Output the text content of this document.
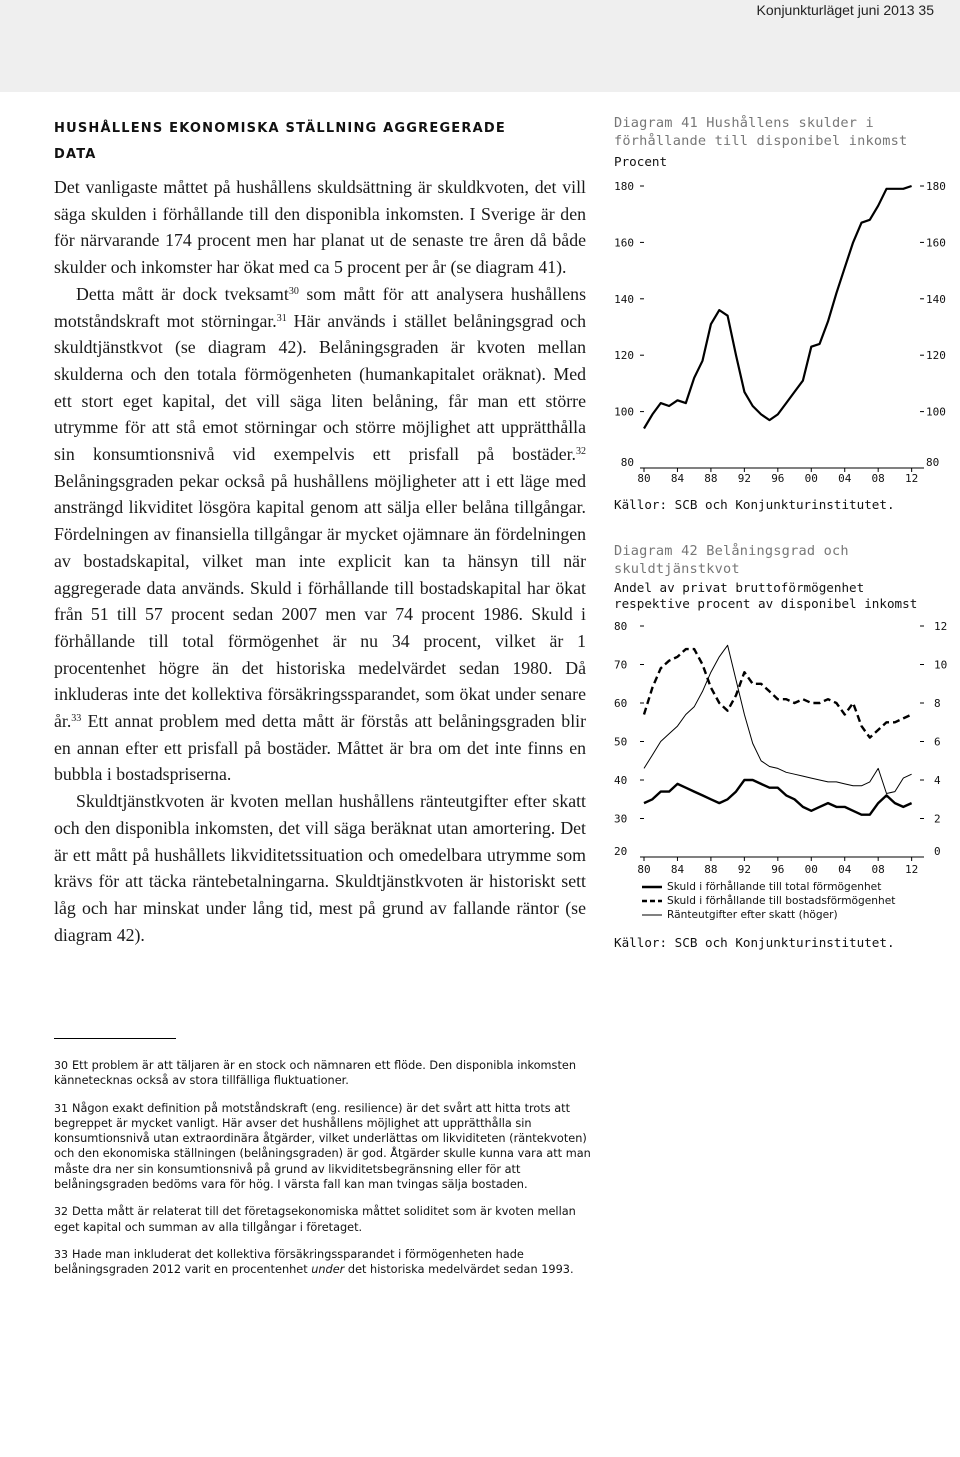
Konjunkturläget juni 2013 35
HUSHÅLLENS EKONOMISKA STÄLLNING AGGREGERADE
DATA

Det vanligaste måttet på hushållens skuldsättning är skuldkvoten, det vill säga skulden i förhållande till den disponibla inkomsten. I Sverige är den för närvarande 174 procent men har planat ut de senaste tre åren då både skulder och inkomster har ökat med ca 5 procent per år (se diagram 41).

Detta mått är dock tveksamt$^{30}$ som mått för att analysera hushållens motståndskraft mot störningar.$^{31}$ Här används i stället belåningsgrad och skuldtjänstkvot (se diagram 42). Belåningsgraden är kvoten mellan skulderna och den totala förmögenheten (humankapitalet oräknat). Med ett stort eget kapital, det vill säga liten belåning, får man ett större utrymme för att stå emot störningar och större möjlighet att upprätthålla sin konsumtionsnivå vid exempelvis ett prisfall på bostäder.$^{32}$ Belåningsgraden pekar också på hushållens möjligheter att i ett läge med ansträngd likviditet lösgöra kapital genom att sälja eller belåna tillgångar. Fördelningen av finansiella tillgångar är mycket ojämnare än fördelningen av bostadskapital, vilket man inte explicit kan ta hänsyn till när aggregerade data används. Skuld i förhållande till bostadskapital har ökat från 51 till 57 procent sedan 2007 men var 74 procent 1986. Skuld i förhållande till total förmögenhet är nu 34 procent, vilket är 1 procentenhet högre än det historiska medelvärdet sedan 1980. Då inkluderas inte det kollektiva försäkringssparandet, som ökat under senare år.$^{33}$ Ett annat problem med detta mått är förstås att belåningsgraden blir en annan efter ett prisfall på bostäder. Måttet är bra om det inte finns en bubbla i bostadspriserna.

Skuldtjänstkvoten är kvoten mellan hushållens ränteutgifter efter skatt och den disponibla inkomsten, det vill säga beräknat utan amortering. Det är ett mått på hushållets likviditetssituation och omedelbara utrymme som krävs för att täcka räntebetalningarna. Skuldtjänstkvoten är historiskt sett låg och har minskat under lång tid, mest på grund av fallande räntor (se diagram 42).

Diagram 41 Hushållens skulder i förhållande till disponibel inkomst
Procent
80	80
100	100
120	120
140	140
160	160
180	180
80 84 88 92 96 00 04 08 12
Källor: SCB och Konjunkturinstitutet.
Diagram 42 Belåningsgrad och skuldtjänstkvot
Andel av privat bruttoförmögenhet respektive procent av disponibel inkomst
20
30
40
50
60
70
80
0
2
4
6
8
10
12
80 84 88 92 96 00 04 08 12
Skuld i förhållande till total förmögenhet
Skuld i förhållande till bostadsförmögenhet
Ränteutgifter efter skatt (höger)
Källor: SCB och Konjunkturinstitutet.
30 Ett problem är att täljaren är en stock och nämnaren ett flöde. Den disponibla inkomsten kännetecknas också av stora tillfälliga fluktuationer.
31 Någon exakt definition på motståndskraft (eng. resilience) är det svårt att hitta trots att begreppet är mycket vanligt. Här avser det hushållens möjlighet att upprätthålla sin konsumtionsnivå utan extraordinära åtgärder, vilket underlättas om likviditeten (räntekvoten) och den ekonomiska ställningen (belåningsgraden) är god. Åtgärder skulle kunna vara att man måste dra ner sin konsumtionsnivå på grund av likviditetsbegränsning eller för att belåningsgraden bedöms vara för hög. I värsta fall kan man tvingas sälja bostaden.
32 Detta mått är relaterat till det företagsekonomiska måttet soliditet som är kvoten mellan eget kapital och summan av alla tillgångar i företaget.
33 Hade man inkluderat det kollektiva försäkringssparandet i förmögenheten hade belåningsgraden 2012 varit en procentenhet under det historiska medelvärdet sedan 1993.
